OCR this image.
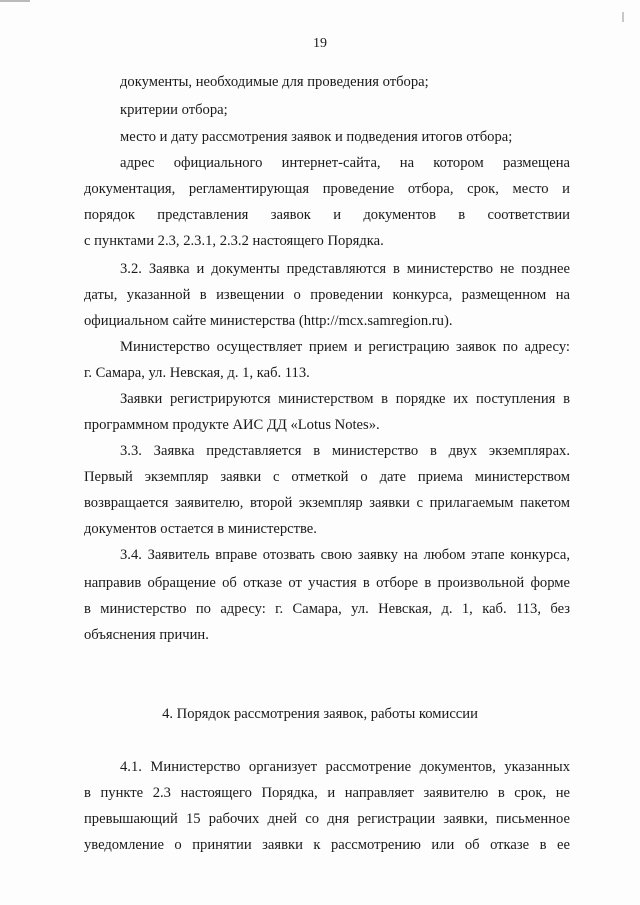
19
документы, необходимые для проведения отбора;
критерии отбора;
место и дату рассмотрения заявок и подведения итогов отбора;
адрес официального интернет-сайта, на котором размещена
документация, регламентирующая проведение отбора, срок, место и
порядок представления заявок и документов в соответствии
с пунктами 2.3, 2.3.1, 2.3.2 настоящего Порядка.
3.2. Заявка и документы представляются в министерство не позднее
даты, указанной в извещении о проведении конкурса, размещенном на
официальном сайте министерства (http://mcx.samregion.ru).
Министерство осуществляет прием и регистрацию заявок по адресу:
г. Самара, ул. Невская, д. 1, каб. 113.
Заявки регистрируются министерством в порядке их поступления в
программном продукте АИС ДД «Lotus Notes».
3.3. Заявка представляется в министерство в двух экземплярах.
Первый экземпляр заявки с отметкой о дате приема министерством
возвращается заявителю, второй экземпляр заявки с прилагаемым пакетом
документов остается в министерстве.
3.4. Заявитель вправе отозвать свою заявку на любом этапе конкурса,
направив обращение об отказе от участия в отборе в произвольной форме
в министерство по адресу: г. Самара, ул. Невская, д. 1, каб. 113, без
объяснения причин.
4. Порядок рассмотрения заявок, работы комиссии
4.1. Министерство организует рассмотрение документов, указанных
в пункте 2.3 настоящего Порядка, и направляет заявителю в срок, не
превышающий 15 рабочих дней со дня регистрации заявки, письменное
уведомление о принятии заявки к рассмотрению или об отказе в ее
